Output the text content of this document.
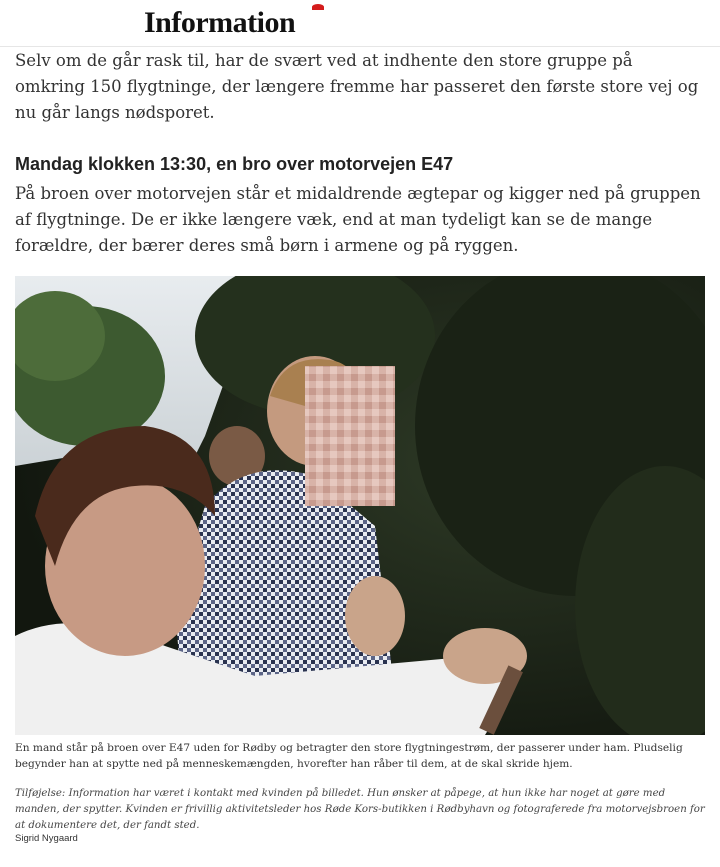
Information

Selv om de går rask til, har de svært ved at indhente den store gruppe på omkring 150 flygtninge, der længere fremme har passeret den første store vej og nu går langs nødsporet.

Mandag klokken 13:30, en bro over motorvejen E47

På broen over motorvejen står et midaldrende ægtepar og kigger ned på gruppen af flygtninge. De er ikke længere væk, end at man tydeligt kan se de mange forældre, der bærer deres små børn i armene og på ryggen.

En mand står på broen over E47 uden for Rødby og betragter den store flygtningestrøm, der passerer under ham. Pludselig begynder han at spytte ned på menneskemængden, hvorefter han råber til dem, at de skal skride hjem.

Tilføjelse: Information har været i kontakt med kvinden på billedet. Hun ønsker at påpege, at hun ikke har noget at gøre med manden, der spytter. Kvinden er frivillig aktivitetsleder hos Røde Kors-butikken i Rødbyhavn og fotograferede fra motorvejsbroen for at dokumentere det, der fandt sted.

Sigrid Nygaard
